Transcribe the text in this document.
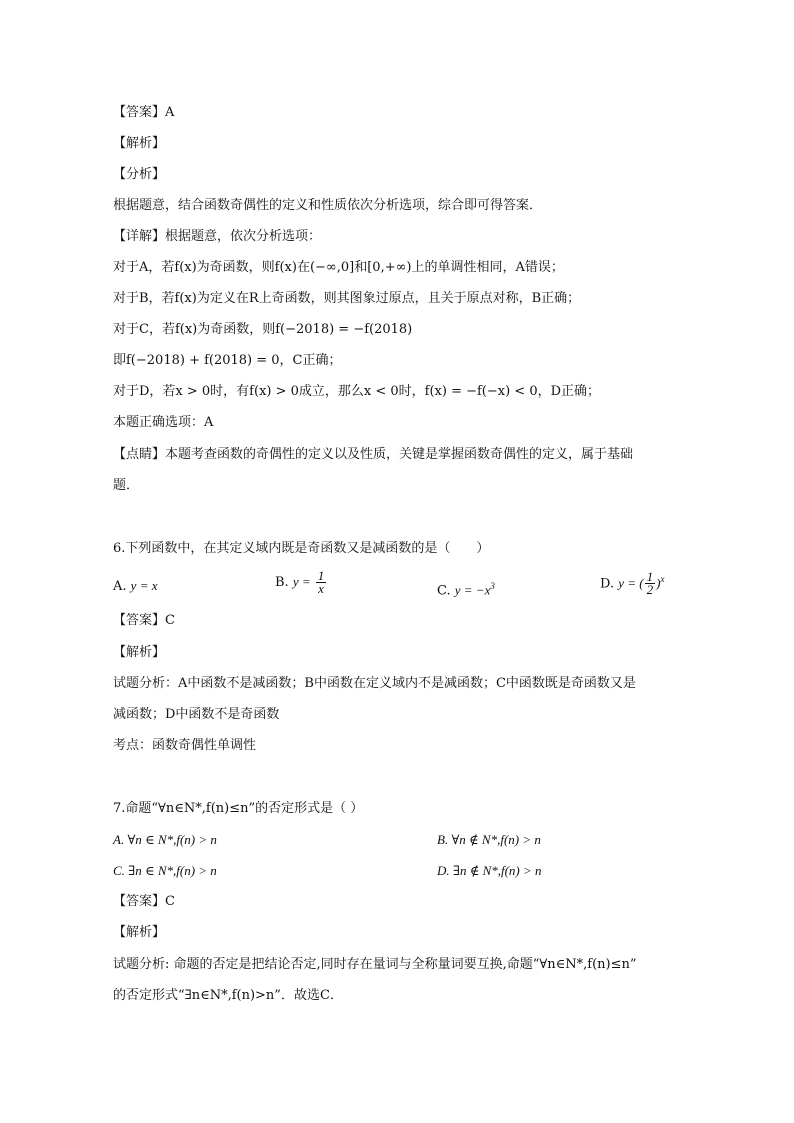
【答案】A
【解析】
【分析】
根据题意，结合函数奇偶性的定义和性质依次分析选项，综合即可得答案．
【详解】根据题意，依次分析选项：
对于A，若f(x)为奇函数，则f(x)在(−∞,0]和[0,+∞)上的单调性相同，A错误；
对于B，若f(x)为定义在R上奇函数，则其图象过原点，且关于原点对称，B正确；
对于C，若f(x)为奇函数，则f(−2018) = −f(2018)
即f(−2018) + f(2018) = 0，C正确；
对于D，若x > 0时，有f(x) > 0成立，那么x < 0时，f(x) = −f(−x) < 0，D正确；
本题正确选项：A
【点睛】本题考查函数的奇偶性的定义以及性质，关键是掌握函数奇偶性的定义，属于基础
题．
6.下列函数中，在其定义域内既是奇函数又是减函数的是（　　）
A. y = x	B. $y = \frac{1}{x}$	C. $y = -x^3$	D. y = ( $\frac{1}{2} )^x$
【答案】C
【解析】
试题分析：A中函数不是减函数；B中函数在定义域内不是减函数；C中函数既是奇函数又是
减函数；D中函数不是奇函数
考点：函数奇偶性单调性
7.命题“∀n∈N*,f(n)≤n”的否定形式是（ ）
A. ∀n ∈ N*,f(n) > n	B. ∀n ∉ N*,f(n) > n
C. ∃n ∈ N*,f(n) > n	D. ∃n ∉ N*,f(n) > n
【答案】C
【解析】
试题分析: 命题的否定是把结论否定,同时存在量词与全称量词要互换,命题“∀n∈N*,f(n)≤n”
的否定形式“∃n∈N*,f(n)>n”．故选C．
